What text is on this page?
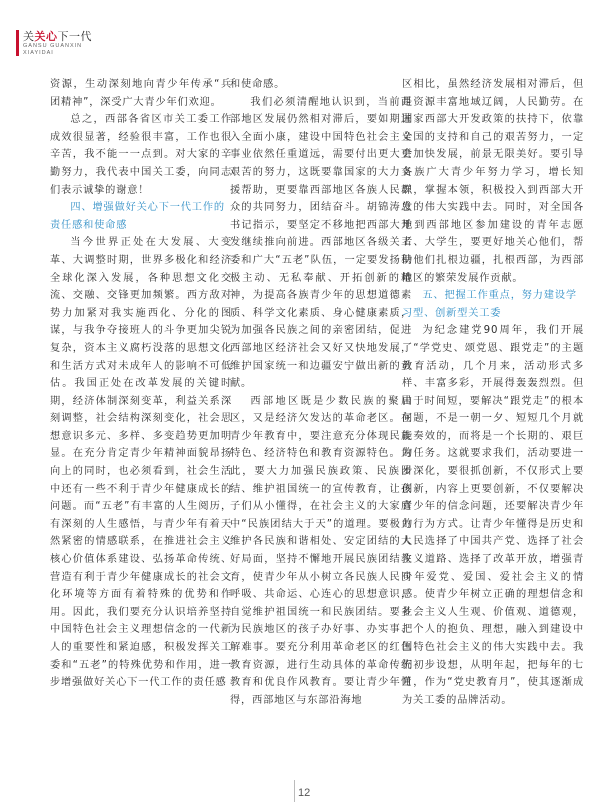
关关心下一代
GANSU GUANXIN
XIAYIDAI

资源，生动深刻地向青少年传承“兵团精神”，深受广大青少年们欢迎。

总之，西部各省区市关工委工作成效很显著，经验很丰富，工作也很辛苦，我不能一一点到。对大家的辛勤努力，我代表中国关工委，向同志们表示诚挚的谢意！

四、增强做好关心下一代工作的责任感和使命感

当今世界正处在大发展、大变革、大调整时期，世界多极化和经济全球化深入发展，各种思想文化交流、交融、交锋更加频繁。西方敌对势力加紧对我实施西化、分化的图谋，与我争夺接班人的斗争更加尖锐复杂，资本主义腐朽没落的思想文化和生活方式对未成年人的影响不可低估。我国正处在改革发展的关键时期，经济体制深刻变革，利益关系深刻调整，社会结构深刻变化，社会思想意识多元、多样、多变趋势更加明显。在充分肯定青少年精神面貌昂扬向上的同时，也必须看到，社会生活中还有一些不利于青少年健康成长的问题。而“五老”有丰富的人生阅历，有深刻的人生感悟，与青少年有着天然紧密的情感联系，在推进社会主义核心价值体系建设、弘扬革命传统、营造有利于青少年健康成长的社会文化环境等方面有着特殊的优势和作用。因此，我们要充分认识培养坚持中国特色社会主义理想信念的一代新人的重要性和紧迫感，积极发挥关工委和“五老”的特殊优势和作用，进一步增强做好关心下一代工作的责任感

和使命感。

我们必须清醒地认识到，当前西部地区发展仍然相对滞后，要如期进入全面小康，建设中国特色社会主义事业依然任重道远，需要付出更大更艰苦的努力，这既要靠国家的大力支援帮助，更要靠西部地区各族人民群众的共同努力，团结奋斗。胡锦涛总书记指示，要坚定不移地把西部大开发继续推向前进。西部地区各级关工委和广大“五老”队伍，一定要发扬积极主动、无私奉献、开拓创新的精神，为提高各族青少年的思想道德素质、科学文化素质、身心健康素质，为加强各民族之间的亲密团结，促进西部地区经济社会又好又快地发展，维护国家统一和边疆安宁做出新的贡献。

西部地区既是少数民族的聚居区，又是经济欠发达的革命老区。在青少年教育中，要注意充分体现民族特色、经济特色和教育资源特色。为此，要大力加强民族政策、民族团结、维护祖国统一的宣传教育，让孩子们从小懂得，在社会主义的大家庭中“民族团结大于天”的道理。要极力维护各民族和谐相处、安定团结的大好局面，坚持不懈地开展民族团结教育，使青少年从小树立各民族人民同呼吸、共命运、心连心的思想意识，自觉维护祖国统一和民族团结。要多为民族地区的孩子办好事、办实事、解难事。要充分利用革命老区的红色教育资源，进行生动具体的革命传统教育和优良作风教育。要让青少年懂得，西部地区与东部沿海地

区相比，虽然经济发展相对滞后，但是资源丰富地域辽阔，人民勤劳。在国家西部大开发政策的扶持下，依靠全国的支持和自己的艰苦努力，一定会加快发展，前景无限美好。要引导各族广大青少年努力学习，增长知识，掌握本领，积极投入到西部大开发的伟大实践中去。同时，对全国各地到西部地区参加建设的青年志愿者、大学生，要更好地关心他们，帮助他们扎根边疆，扎根西部，为西部地区的繁荣发展作贡献。

五、把握工作重点，努力建设学习型、创新型关工委

为纪念建党90周年，我们开展了“学党史、颂党恩、跟党走”的主题教育活动，几个月来，活动形式多样、丰富多彩，开展得轰轰烈烈。但由于时间短，要解决“跟党走”的根本问题，不是一朝一夕、短短几个月就能奏效的，而将是一个长期的、艰巨的任务。这就要求我们，活动要进一步深化，要很抓创新，不仅形式上要创新，内容上更要创新，不仅要解决青少年的信念问题，还要解决青少年的行为方式。让青少年懂得是历史和人民选择了中国共产党、选择了社会主义道路、选择了改革开放，增强青少年爱党、爱国、爱社会主义的情感。使青少年树立正确的理想信念和社会主义人生观、价值观、道德观，把个人的抱负、理想，融入到建设中国特色社会主义的伟大实践中去。我们初步设想，从明年起，把每年的七月，作为“党史教育月”，使其逐渐成为关工委的品牌活动。

12
